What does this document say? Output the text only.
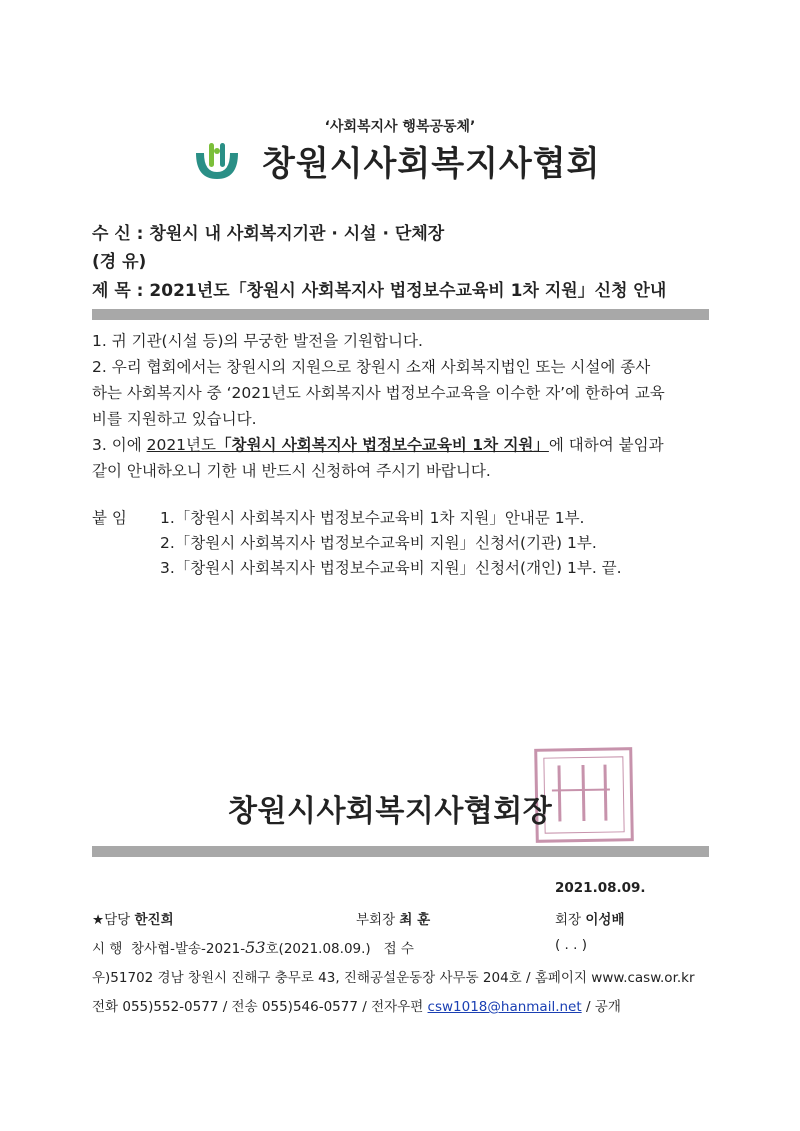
‘사회복지사 행복공동체’
창원시사회복지사협회
수 신 : 창원시 내 사회복지기관 · 시설 · 단체장
(경 유)
제 목 : 2021년도「창원시 사회복지사 법정보수교육비 1차 지원」신청 안내
1. 귀 기관(시설 등)의 무궁한 발전을 기원합니다.
2. 우리 협회에서는 창원시의 지원으로 창원시 소재 사회복지법인 또는 시설에 종사
하는 사회복지사 중 ‘2021년도 사회복지사 법정보수교육을 이수한 자’에 한하여 교육
비를 지원하고 있습니다.
3. 이에 2021년도「창원시 사회복지사 법정보수교육비 1차 지원」에 대하여 붙임과
같이 안내하오니 기한 내 반드시 신청하여 주시기 바랍니다.
붙 임 1.「창원시 사회복지사 법정보수교육비 1차 지원」안내문 1부.
2.「창원시 사회복지사 법정보수교육비 지원」신청서(기관) 1부.
3.「창원시 사회복지사 법정보수교육비 지원」신청서(개인) 1부. 끝.
창원시사회복지사협회장
2021.08.09.
★담당 한진희	부회장 최 훈	회장 이성배
시 행 창사협-발송-2021-53호(2021.08.09.) 접 수	( . . )
우)51702 경남 창원시 진해구 충무로 43, 진해공설운동장 사무동 204호 / 홈페이지 www.casw.or.kr
전화 055)552-0577 / 전송 055)546-0577 / 전자우편 csw1018@hanmail.net / 공개
